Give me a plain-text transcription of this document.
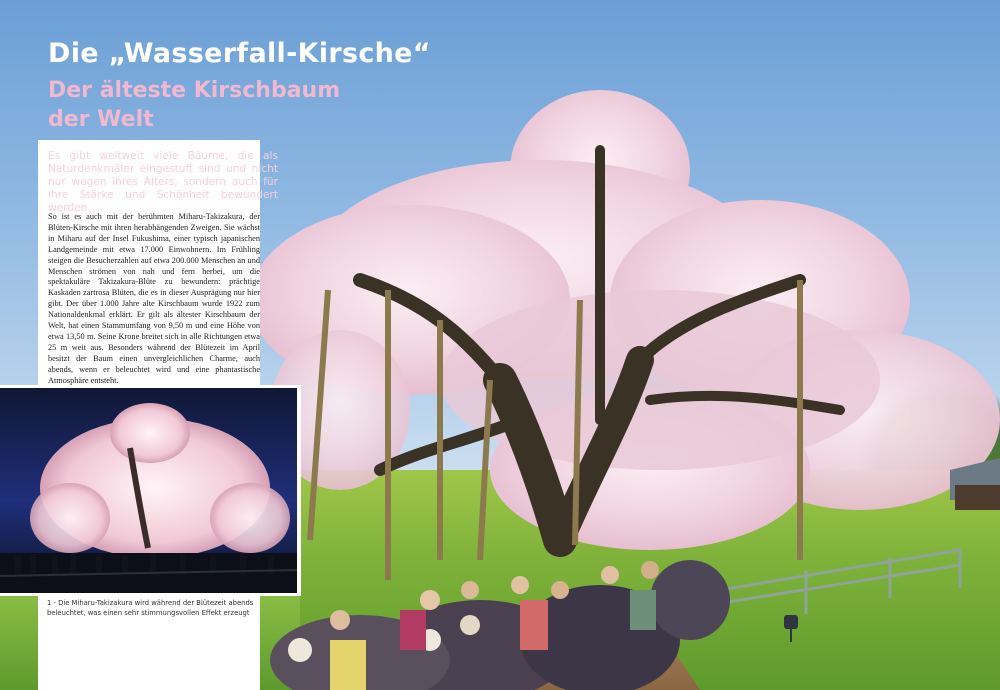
Die „Wasserfall-Kirsche“
Der älteste Kirschbaum der Welt

Es gibt weltweit viele Bäume, die als Naturdenkmäler eingestuft sind und nicht nur wegen ihres Alters, sondern auch für ihre Stärke und Schönheit bewundert werden.

So ist es auch mit der berühmten Miharu-Takizakura, der Blüten-Kirsche mit ihren herabhängenden Zweigen. Sie wächst in Miharu auf der Insel Fukushima, einer typisch japanischen Landgemeinde mit etwa 17.000 Einwohnern. Im Frühling steigen die Besucherzahlen auf etwa 200.000 Menschen an und Menschen strömen von nah und fern herbei, um die spektakuläre Takizakura-Blüte zu bewundern: prächtige Kaskaden zartrosa Blüten, die es in dieser Ausprägung nur hier gibt. Der über 1.000 Jahre alte Kirschbaum wurde 1922 zum Nationaldenkmal erklärt. Er gilt als ältester Kirschbaum der Welt, hat einen Stammumfang von 9,50 m und eine Höhe von etwa 13,50 m. Seine Krone breitet sich in alle Richtungen etwa 25 m weit aus. Besonders während der Blütezeit im April besitzt der Baum einen unvergleichlichen Charme, auch abends, wenn er beleuchtet wird und eine phantastische Atmosphäre entsteht.

1 - Die Miharu-Takizakura wird während der Blütezeit abends beleuchtet, was einen sehr stimmungsvollen Effekt erzeugt
